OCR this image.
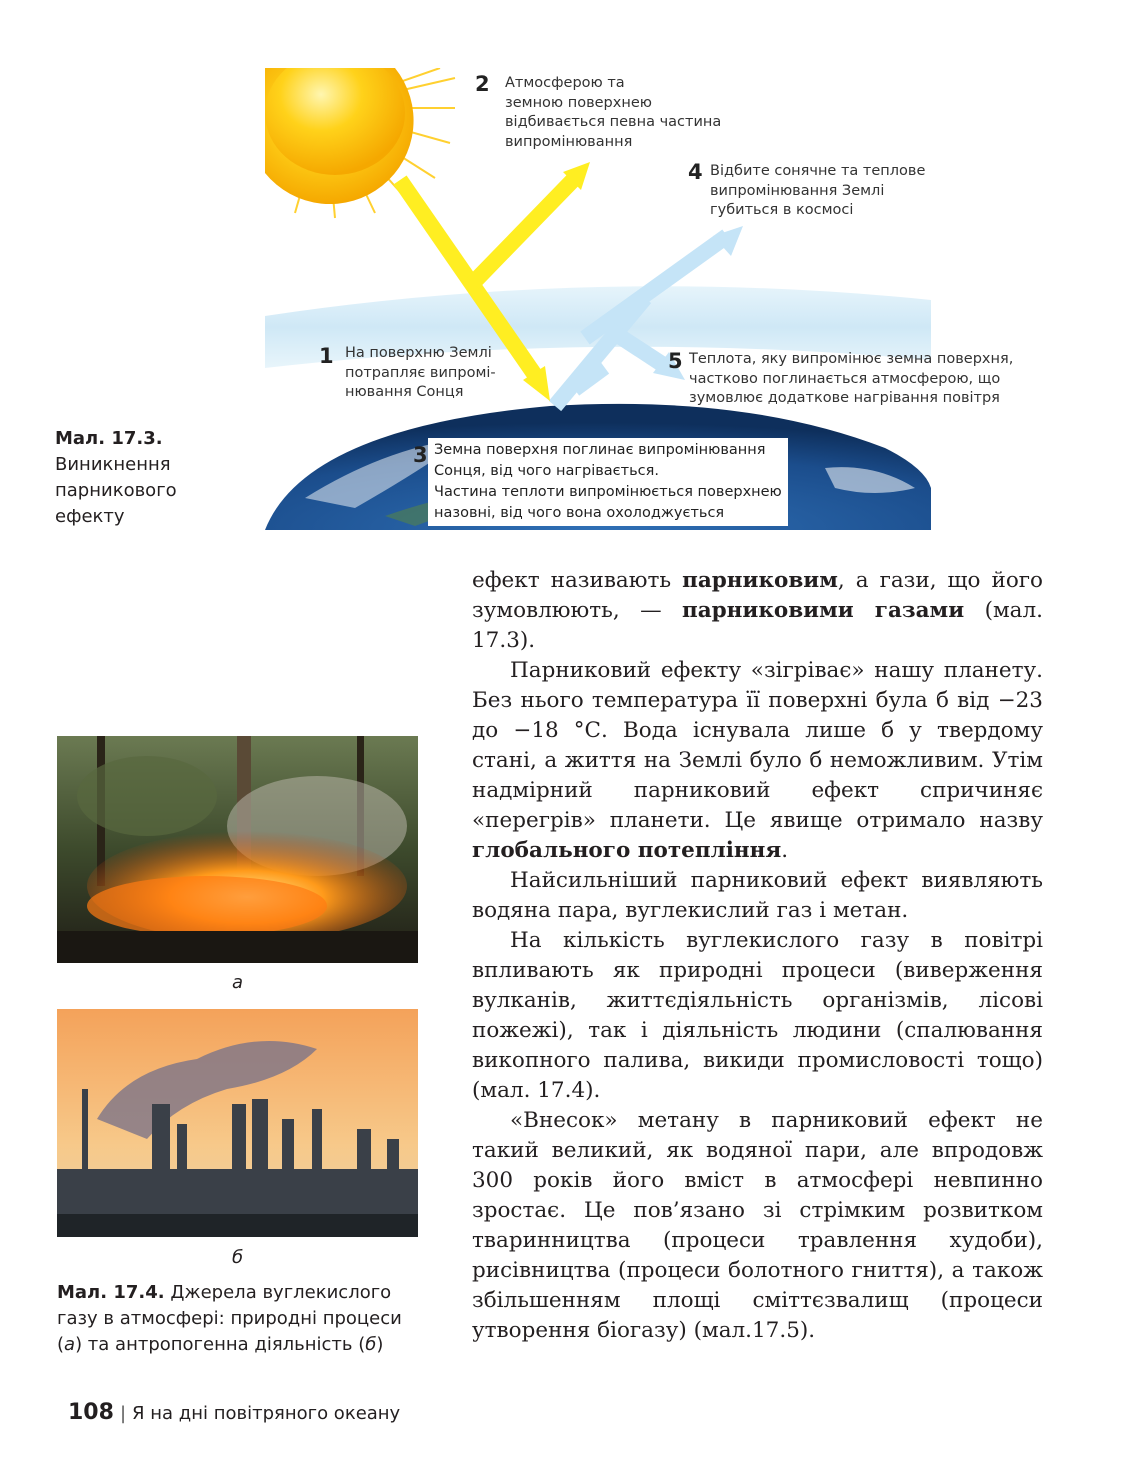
2 Атмосферою та
земною поверхнею
відбивається певна частина
випромінювання
4 Відбите сонячне та теплове
випромінювання Землі
губиться в космосі
1 На поверхню Землі
потрапляє випромі-
нювання Сонця
5 Теплота, яку випромінює земна поверхня,
частково поглинається атмосферою, що
зумовлює додаткове нагрівання повітря
3 Земна поверхня поглинає випромінювання
Сонця, від чого нагрівається.
Частина теплоти випромінюється поверхнею
назовні, від чого вона охолоджується
Мал. 17.3.
Виникнення
парникового
ефекту
а
б
Мал. 17.4. Джерела вуглекислого газу в атмосфері: природні процеси (а) та антропогенна діяльність (б)

ефект називають парниковим, а гази, що його зумовлюють, — парниковими газами (мал. 17.3).

Парниковий ефекту «зігріває» нашу планету. Без нього температура її поверхні була б від −23 до −18 °С. Вода існувала лише б у твердому стані, а життя на Землі було б неможливим. Утім надмірний парниковий ефект спричиняє «перегрів» планети. Це явище отримало назву глобального потепління.

Найсильніший парниковий ефект виявляють водяна пара, вуглекислий газ і метан.

На кількість вуглекислого газу в повітрі впливають як природні процеси (виверження вулканів, життєдіяльність організмів, лісові пожежі), так і діяльність людини (спалювання викопного палива, викиди промисловості тощо) (мал. 17.4).

«Внесок» метану в парниковий ефект не такий великий, як водяної пари, але впродовж 300 років його вміст в атмосфері невпинно зростає. Це пов’язано зі стрімким розвитком тваринництва (процеси травлення худоби), рисівництва (процеси болотного гниття), а також збільшенням площі сміттєзвалищ (процеси утворення біогазу) (мал.17.5).

108 | Я на дні повітряного океану
